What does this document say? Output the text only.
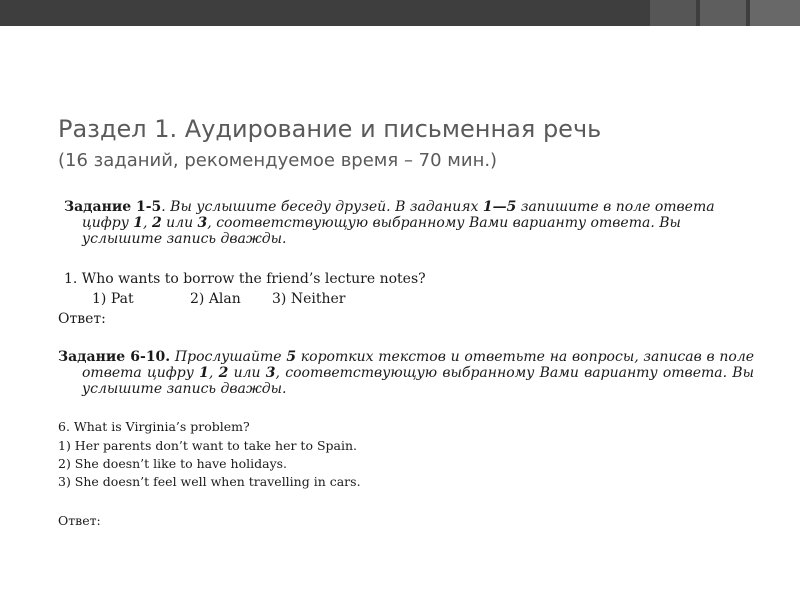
Раздел 1. Аудирование и письменная речь
(16 заданий, рекомендуемое время – 70 мин.)
Задание 1-5. Вы услышите беседу друзей. В заданиях 1—5 запишите в поле ответа цифру 1, 2 или 3, соответствующую выбранному Вами варианту ответа. Вы услышите запись дважды.
1. Who wants to borrow the friend’s lecture notes?
1) Pat	2) Alan 3) Neither
Ответ:
Задание 6-10. Прослушайте 5 коротких текстов и ответьте на вопросы, записав в поле ответа цифру 1, 2 или 3, соответствующую выбранному Вами варианту ответа. Вы услышите запись дважды.
6. What is Virginia’s problem?
1) Her parents don’t want to take her to Spain.
2) She doesn’t like to have holidays.
3) She doesn’t feel well when travelling in cars.
Ответ:
